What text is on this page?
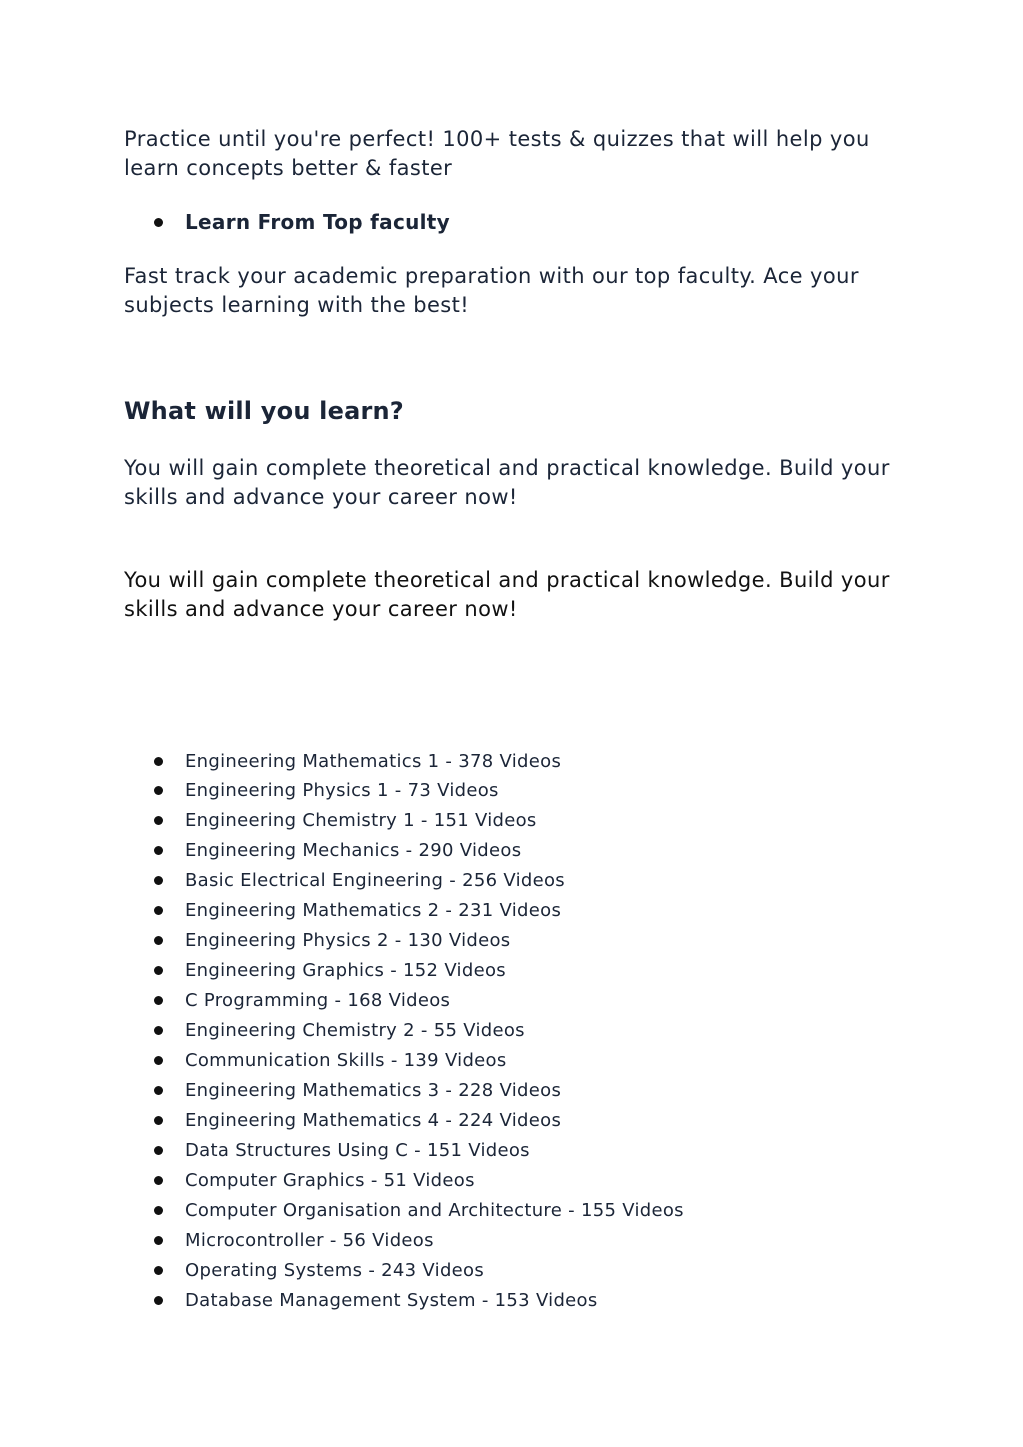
Practice until you're perfect! 100+ tests & quizzes that will help you learn concepts better & faster

Learn From Top faculty

Fast track your academic preparation with our top faculty. Ace your subjects learning with the best!

What will you learn?

You will gain complete theoretical and practical knowledge. Build your skills and advance your career now!

You will gain complete theoretical and practical knowledge. Build your skills and advance your career now!

Engineering Mathematics 1 - 378 Videos
Engineering Physics 1 - 73 Videos
Engineering Chemistry 1 - 151 Videos
Engineering Mechanics - 290 Videos
Basic Electrical Engineering - 256 Videos
Engineering Mathematics 2 - 231 Videos
Engineering Physics 2 - 130 Videos
Engineering Graphics - 152 Videos
C Programming - 168 Videos
Engineering Chemistry 2 - 55 Videos
Communication Skills - 139 Videos
Engineering Mathematics 3 - 228 Videos
Engineering Mathematics 4 - 224 Videos
Data Structures Using C - 151 Videos
Computer Graphics - 51 Videos
Computer Organisation and Architecture - 155 Videos
Microcontroller - 56 Videos
Operating Systems - 243 Videos
Database Management System - 153 Videos
